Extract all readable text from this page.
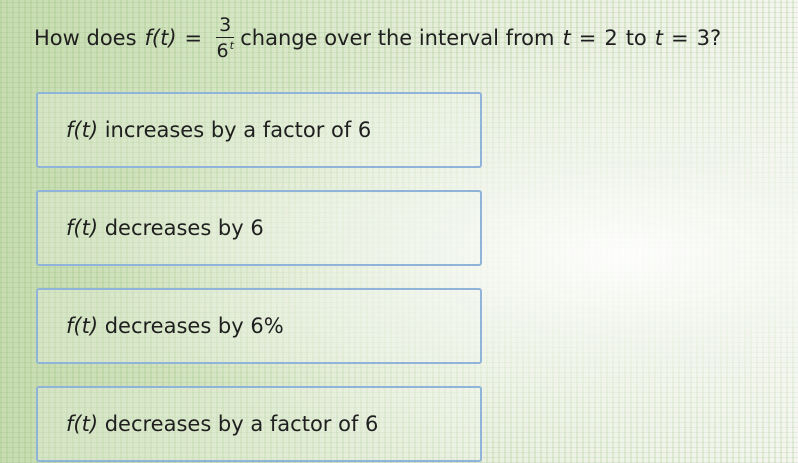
How does $f(t) = \frac{3}{6^t}$ change over the interval from t = 2 to t = 3 ?
f(t)
increases by a factor of 6
f(t)
decreases by 6
f(t)
decreases by 6%
f(t)
decreases by a factor of 6
